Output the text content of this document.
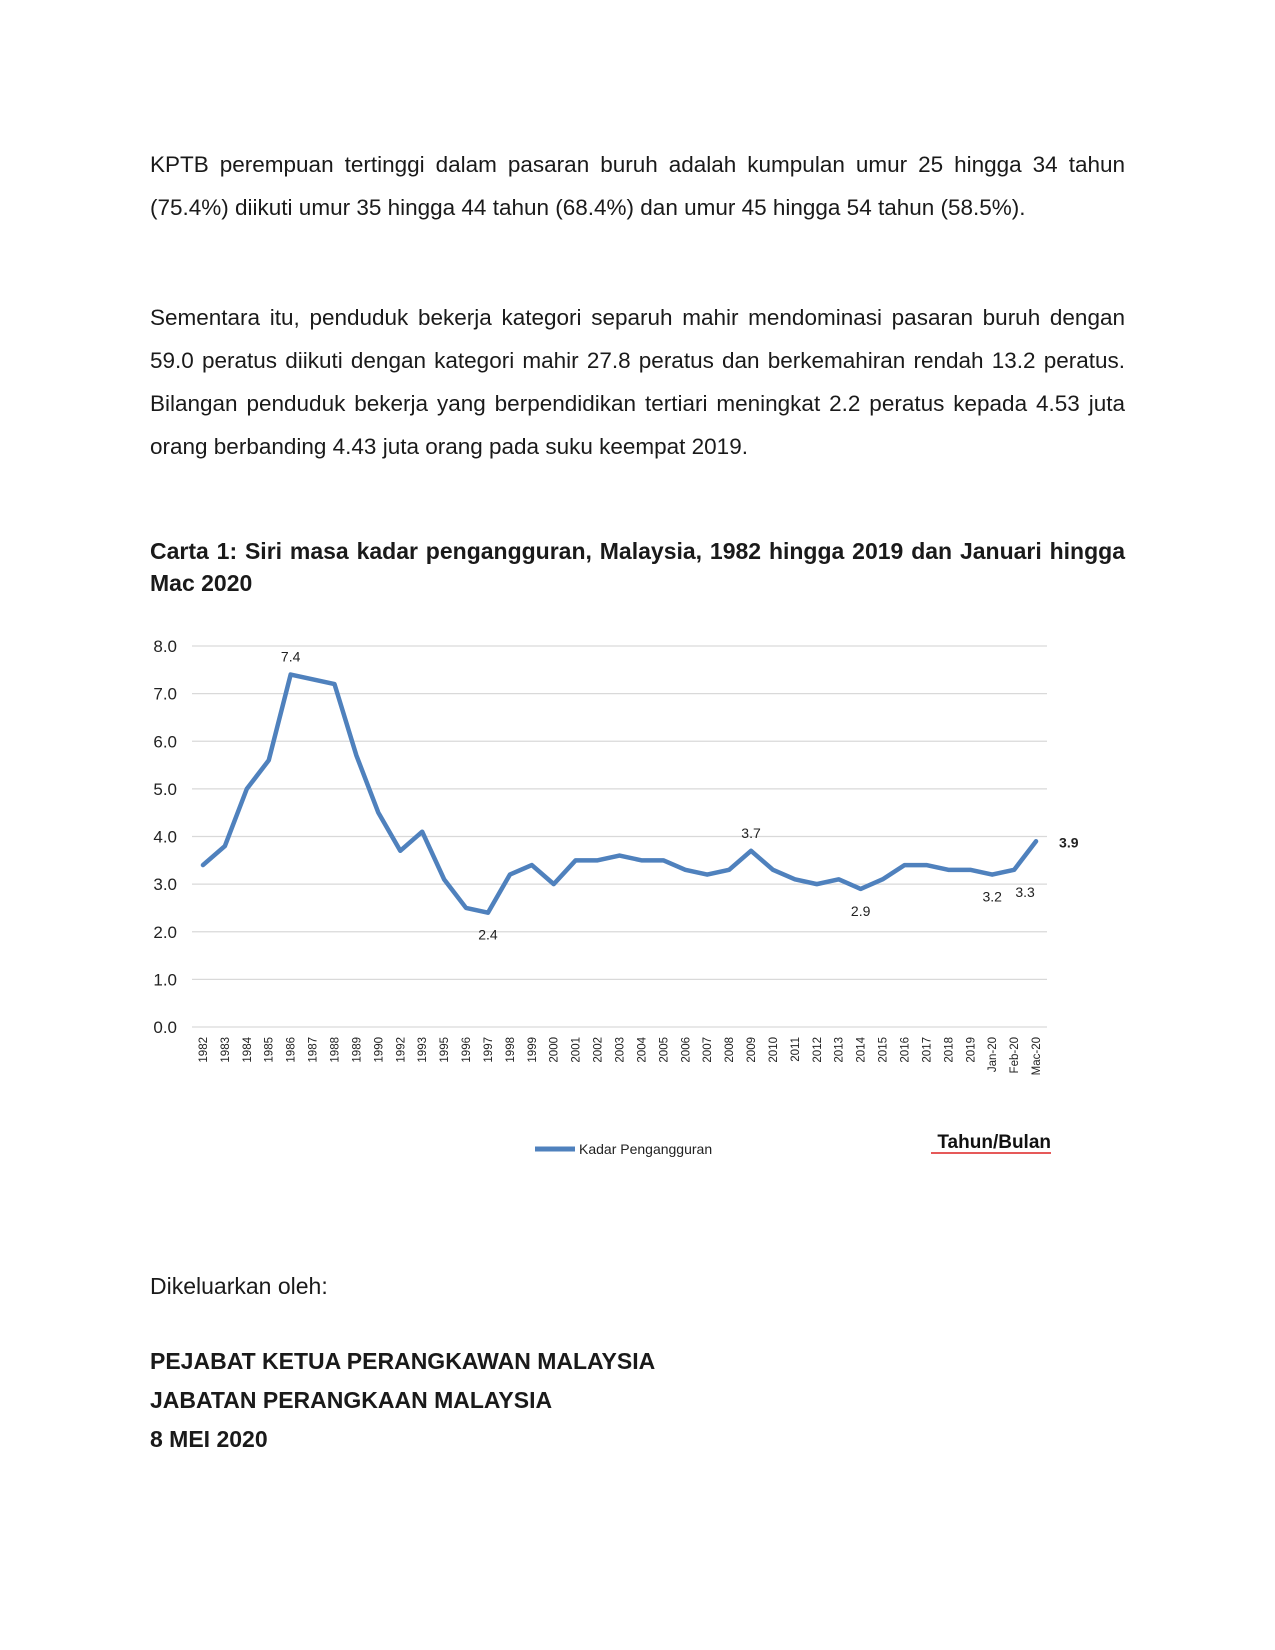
KPTB perempuan tertinggi dalam pasaran buruh adalah kumpulan umur 25 hingga 34 tahun (75.4%) diikuti umur 35 hingga 44 tahun (68.4%) dan umur 45 hingga 54 tahun (58.5%).

Sementara itu, penduduk bekerja kategori separuh mahir mendominasi pasaran buruh dengan 59.0 peratus diikuti dengan kategori mahir 27.8 peratus dan berkemahiran rendah 13.2 peratus. Bilangan penduduk bekerja yang berpendidikan tertiari meningkat 2.2 peratus kepada 4.53 juta orang berbanding 4.43 juta orang pada suku keempat 2019.

Carta 1: Siri masa kadar pengangguran, Malaysia, 1982 hingga 2019 dan Januari hingga Mac 2020

0.0
1.0
2.0
3.0
4.0
5.0
6.0
7.0
8.0
1982 1983 1984 1985 1986 1987 1988 1989 1990 1992 1993 1995 1996 1997 1998 1999 2000 2001 2002 2003 2004 2005 2006 2007 2008 2009 2010 2011 2012 2013 2014 2015 2016 2017 2018 2019 Jan-20 Feb-20 Mac-20
7.4
2.4
3.7
2.9
3.2 3.3
3.9
Kadar Pengangguran	Tahun/Bulan

Dikeluarkan oleh:

PEJABAT KETUA PERANGKAWAN MALAYSIA

JABATAN PERANGKAAN MALAYSIA

8 MEI 2020
